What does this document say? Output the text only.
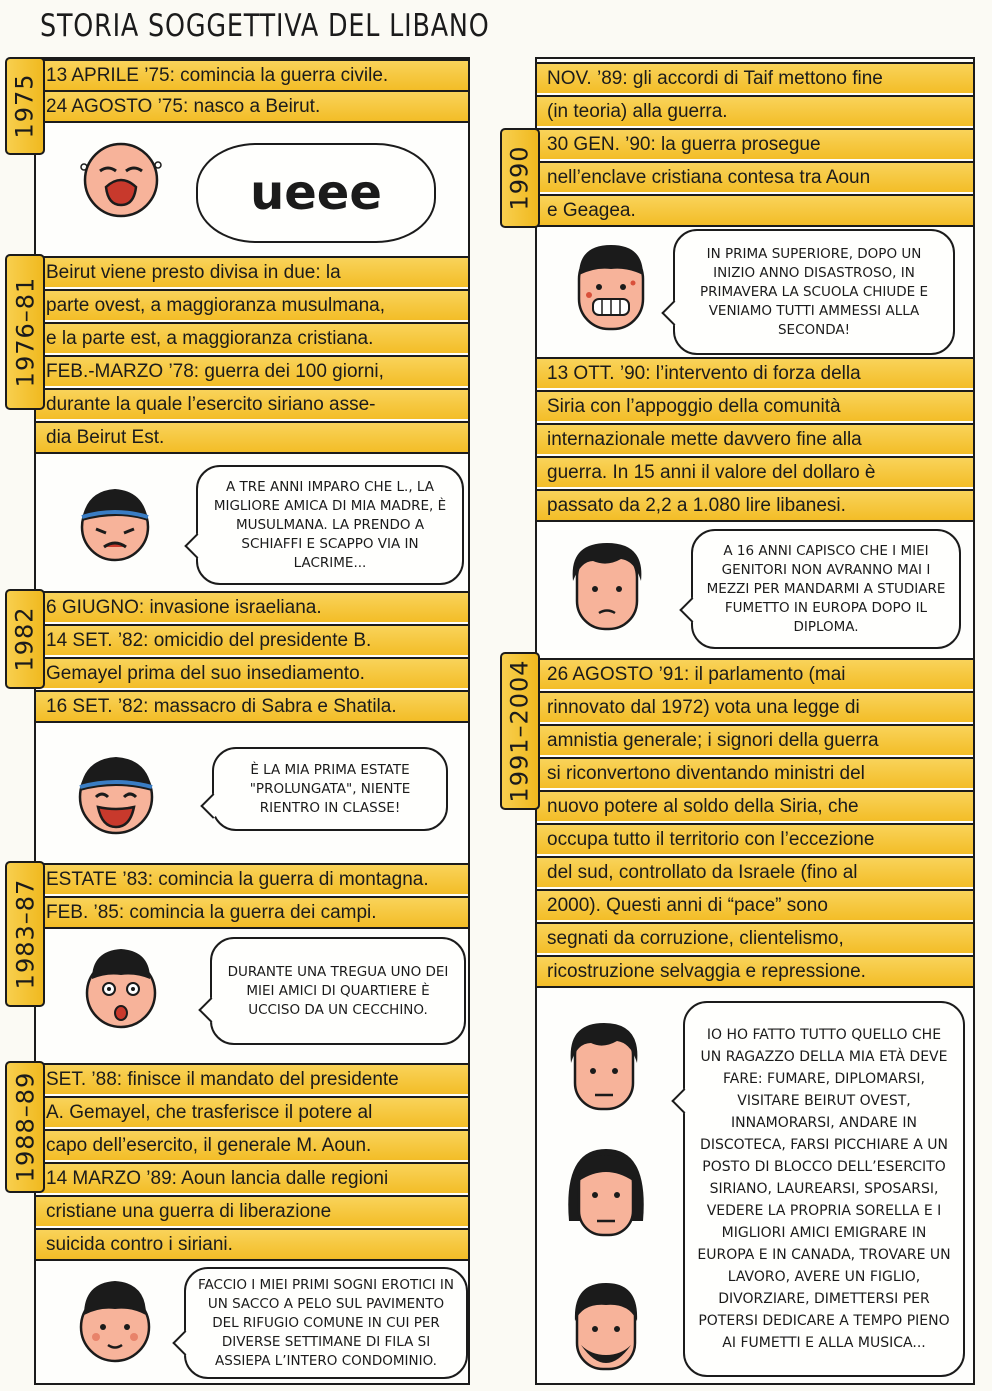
STORIA SOGGETTIVA DEL LIBANO
13 APRILE ’75: comincia la guerra civile.
24 AGOSTO ’75: nasco a Beirut.
ueee
Beirut viene presto divisa in due: la
parte ovest, a maggioranza musulmana,
e la parte est, a maggioranza cristiana.
FEB.-MARZO ’78: guerra dei 100 giorni,
durante la quale l’esercito siriano asse-
dia Beirut Est.
A TRE ANNI IMPARO CHE L., LA MIGLIORE AMICA DI MIA MADRE, È MUSULMANA. LA PRENDO A SCHIAFFI E SCAPPO VIA IN LACRIME...
6 GIUGNO: invasione israeliana.
14 SET. ’82: omicidio del presidente B.
Gemayel prima del suo insediamento.
16 SET. ’82: massacro di Sabra e Shatila.
È LA MIA PRIMA ESTATE "PROLUNGATA", NIENTE RIENTRO IN CLASSE!
ESTATE ’83: comincia la guerra di montagna.
FEB. ’85: comincia la guerra dei campi.
DURANTE UNA TREGUA UNO DEI MIEI AMICI DI QUARTIERE È UCCISO DA UN CECCHINO.
SET. ’88: finisce il mandato del presidente
A. Gemayel, che trasferisce il potere al
capo dell’esercito, il generale M. Aoun.
14 MARZO ’89: Aoun lancia dalle regioni
cristiane una guerra di liberazione
suicida contro i siriani.
FACCIO I MIEI PRIMI SOGNI EROTICI IN UN SACCO A PELO SUL PAVIMENTO DEL RIFUGIO COMUNE IN CUI PER DIVERSE SETTIMANE DI FILA SI ASSIEPA L’INTERO CONDOMINIO.
1975
1976–81
1982
1983–87
1988–89
NOV. ’89: gli accordi di Taif mettono fine
(in teoria) alla guerra.
30 GEN. ’90: la guerra prosegue
nell’enclave cristiana contesa tra Aoun
e Geagea.
IN PRIMA SUPERIORE, DOPO UN INIZIO ANNO DISASTROSO, IN PRIMAVERA LA SCUOLA CHIUDE E VENIAMO TUTTI AMMESSI ALLA SECONDA!
13 OTT. ’90: l’intervento di forza della
Siria con l’appoggio della comunità
internazionale mette davvero fine alla
guerra. In 15 anni il valore del dollaro è
passato da 2,2 a 1.080 lire libanesi.
A 16 ANNI CAPISCO CHE I MIEI GENITORI NON AVRANNO MAI I MEZZI PER MANDARMI A STUDIARE FUMETTO IN EUROPA DOPO IL DIPLOMA.
26 AGOSTO ’91: il parlamento (mai
rinnovato dal 1972) vota una legge di
amnistia generale; i signori della guerra
si riconvertono diventando ministri del
nuovo potere al soldo della Siria, che
occupa tutto il territorio con l’eccezione
del sud, controllato da Israele (fino al
2000). Questi anni di “pace” sono
segnati da corruzione, clientelismo,
ricostruzione selvaggia e repressione.
IO HO FATTO TUTTO QUELLO CHE UN RAGAZZO DELLA MIA ETÀ DEVE FARE: FUMARE, DIPLOMARSI, VISITARE BEIRUT OVEST, INNAMORARSI, ANDARE IN DISCOTECA, FARSI PICCHIARE A UN POSTO DI BLOCCO DELL’ESERCITO SIRIANO, LAUREARSI, SPOSARSI, VEDERE LA PROPRIA SORELLA E I MIGLIORI AMICI EMIGRARE IN EUROPA E IN CANADA, TROVARE UN LAVORO, AVERE UN FIGLIO, DIVORZIARE, DIMETTERSI PER POTERSI DEDICARE A TEMPO PIENO AI FUMETTI E ALLA MUSICA...
1990
1991–2004
